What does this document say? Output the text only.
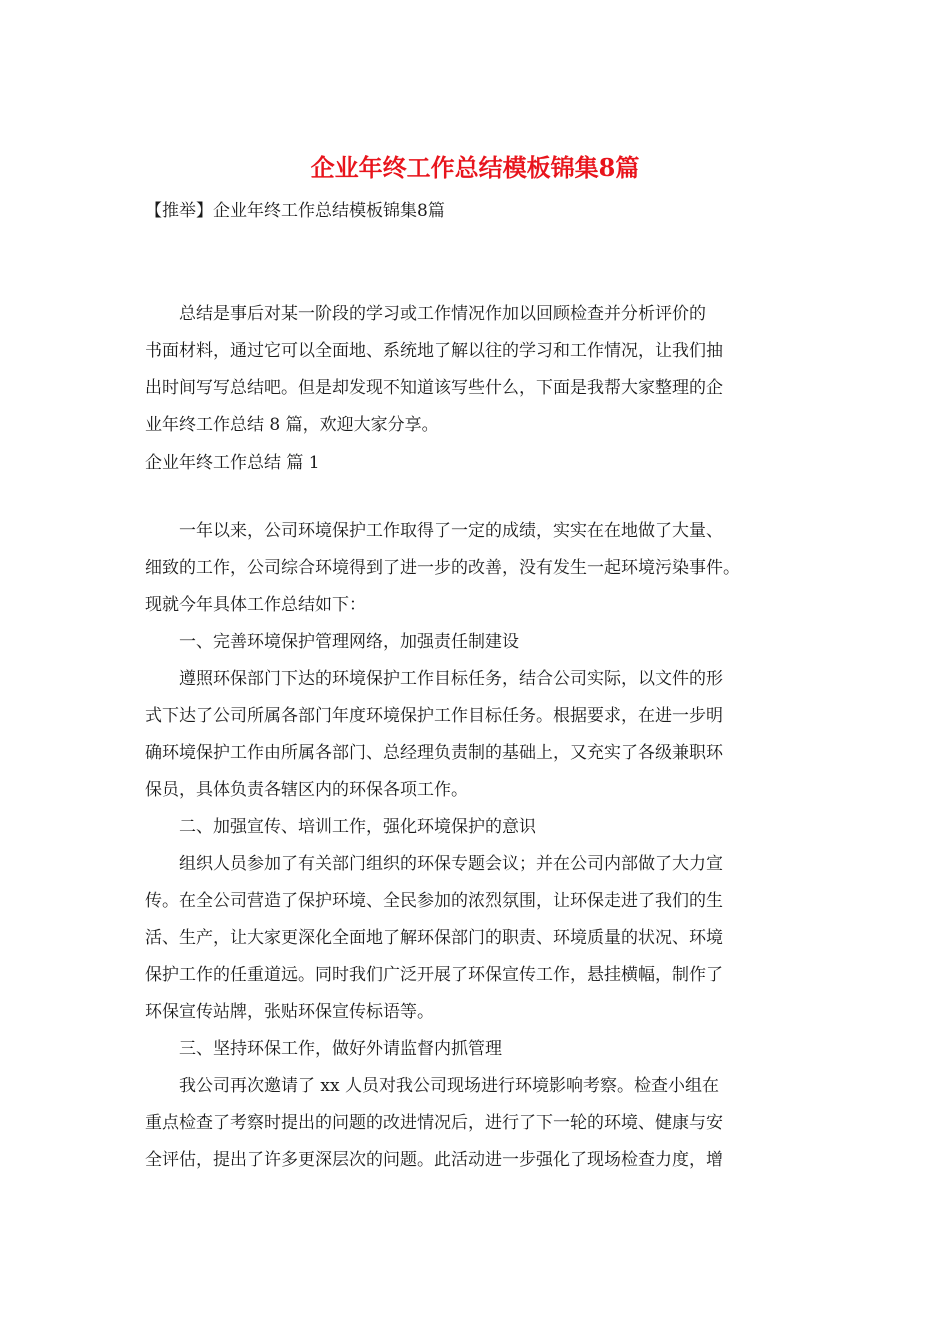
企业年终工作总结模板锦集8篇
【推举】企业年终工作总结模板锦集8篇

　　总结是事后对某一阶段的学习或工作情况作加以回顾检查并分析评价的

书面材料，通过它可以全面地、系统地了解以往的学习和工作情况，让我们抽

出时间写写总结吧。但是却发现不知道该写些什么，下面是我帮大家整理的企

业年终工作总结 8 篇，欢迎大家分享。

企业年终工作总结 篇 1

　　一年以来，公司环境保护工作取得了一定的成绩，实实在在地做了大量、

细致的工作，公司综合环境得到了进一步的改善，没有发生一起环境污染事件。

现就今年具体工作总结如下：

　　一、完善环境保护管理网络，加强责任制建设

　　遵照环保部门下达的环境保护工作目标任务，结合公司实际，以文件的形

式下达了公司所属各部门年度环境保护工作目标任务。根据要求，在进一步明

确环境保护工作由所属各部门、总经理负责制的基础上，又充实了各级兼职环

保员，具体负责各辖区内的环保各项工作。

　　二、加强宣传、培训工作，强化环境保护的意识

　　组织人员参加了有关部门组织的环保专题会议；并在公司内部做了大力宣

传。在全公司营造了保护环境、全民参加的浓烈氛围，让环保走进了我们的生

活、生产，让大家更深化全面地了解环保部门的职责、环境质量的状况、环境

保护工作的任重道远。同时我们广泛开展了环保宣传工作，悬挂横幅，制作了

环保宣传站牌，张贴环保宣传标语等。

　　三、坚持环保工作，做好外请监督内抓管理

　　我公司再次邀请了 xx 人员对我公司现场进行环境影响考察。检查小组在

重点检查了考察时提出的问题的改进情况后，进行了下一轮的环境、健康与安

全评估，提出了许多更深层次的问题。此活动进一步强化了现场检查力度，增
